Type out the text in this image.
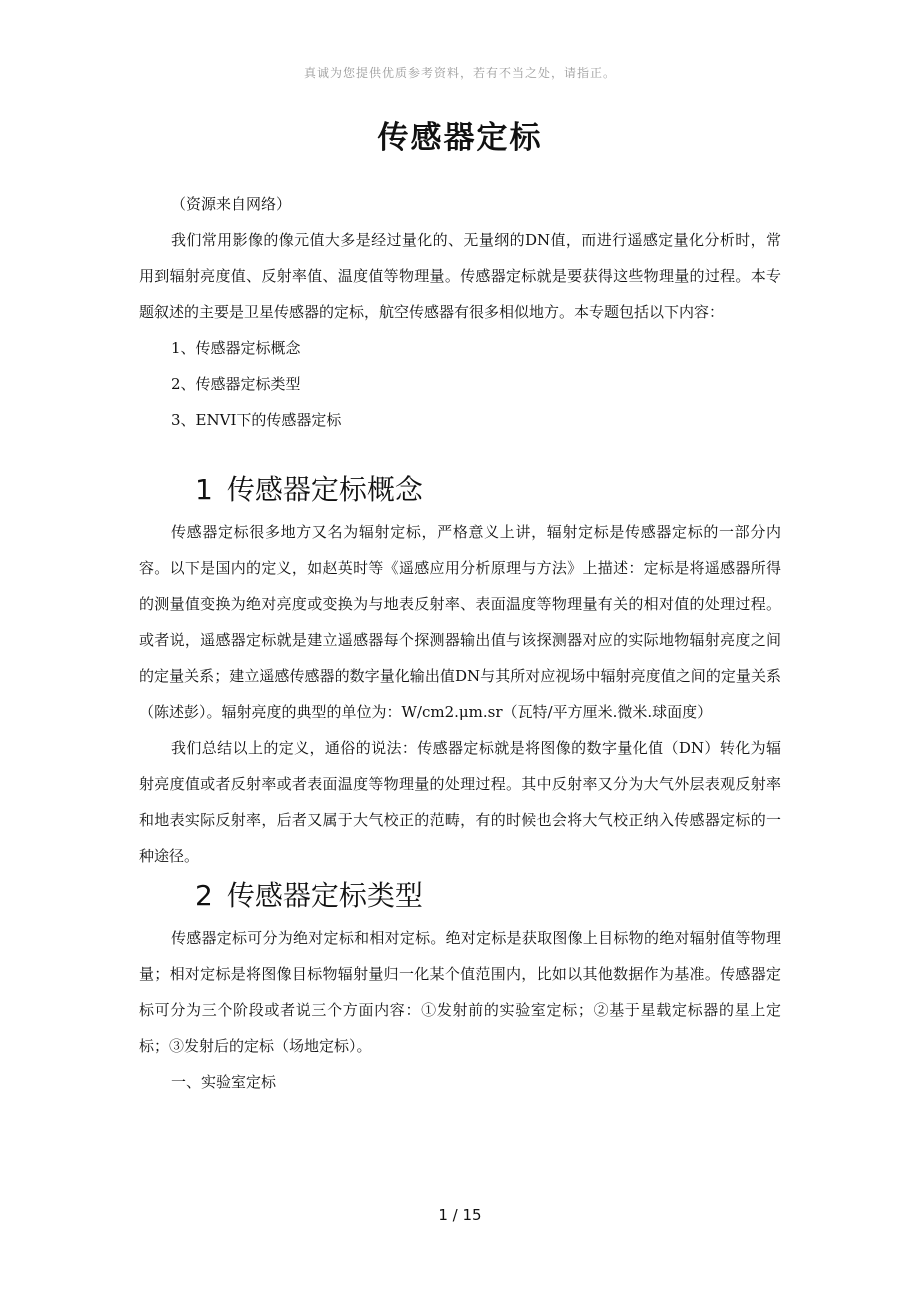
真诚为您提供优质参考资料，若有不当之处，请指正。
传感器定标

（资源来自网络）

我们常用影像的像元值大多是经过量化的、无量纲的DN值，而进行遥感定量化分析时，常用到辐射亮度值、反射率值、温度值等物理量。传感器定标就是要获得这些物理量的过程。本专题叙述的主要是卫星传感器的定标，航空传感器有很多相似地方。本专题包括以下内容：

1、传感器定标概念

2、传感器定标类型

3、ENVI下的传感器定标

1 传感器定标概念

传感器定标很多地方又名为辐射定标，严格意义上讲，辐射定标是传感器定标的一部分内容。以下是国内的定义，如赵英时等《遥感应用分析原理与方法》上描述：定标是将遥感器所得的测量值变换为绝对亮度或变换为与地表反射率、表面温度等物理量有关的相对值的处理过程。或者说，遥感器定标就是建立遥感器每个探测器输出值与该探测器对应的实际地物辐射亮度之间的定量关系；建立遥感传感器的数字量化输出值DN与其所对应视场中辐射亮度值之间的定量关系（陈述彭）。辐射亮度的典型的单位为：W/cm2.μm.sr（瓦特/平方厘米.微米.球面度）

我们总结以上的定义，通俗的说法：传感器定标就是将图像的数字量化值（DN）转化为辐射亮度值或者反射率或者表面温度等物理量的处理过程。其中反射率又分为大气外层表观反射率和地表实际反射率，后者又属于大气校正的范畴，有的时候也会将大气校正纳入传感器定标的一种途径。

2 传感器定标类型

传感器定标可分为绝对定标和相对定标。绝对定标是获取图像上目标物的绝对辐射值等物理量；相对定标是将图像目标物辐射量归一化某个值范围内，比如以其他数据作为基准。传感器定标可分为三个阶段或者说三个方面内容：①发射前的实验室定标；②基于星载定标器的星上定标；③发射后的定标（场地定标）。

一、实验室定标

1 / 15
